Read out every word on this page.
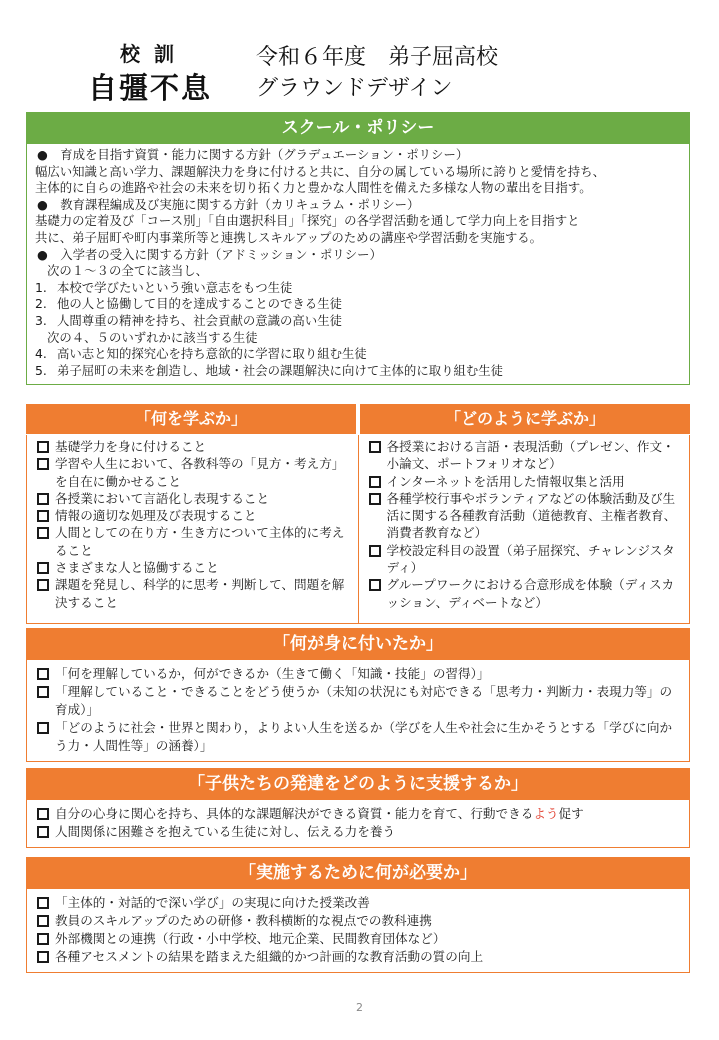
校訓
自彊不息
令和６年度　弟子屈高校
グラウンドデザイン
スクール・ポリシー
●　育成を目指す資質・能力に関する方針（グラデュエーション・ポリシー）
幅広い知識と高い学力、課題解決力を身に付けると共に、自分の属している場所に誇りと愛情を持ち、
主体的に自らの進路や社会の未来を切り拓く力と豊かな人間性を備えた多様な人物の輩出を目指す。
●　教育課程編成及び実施に関する方針（カリキュラム・ポリシー）
基礎力の定着及び「コース別」「自由選択科目」「探究」の各学習活動を通して学力向上を目指すと
共に、弟子屈町や町内事業所等と連携しスキルアップのための講座や学習活動を実施する。
●　入学者の受入に関する方針（アドミッション・ポリシー）
次の１～３の全てに該当し、
1. 本校で学びたいという強い意志をもつ生徒
2. 他の人と協働して目的を達成することのできる生徒
3. 人間尊重の精神を持ち、社会貢献の意識の高い生徒
次の４、５のいずれかに該当する生徒
4. 高い志と知的探究心を持ち意欲的に学習に取り組む生徒
5. 弟子屈町の未来を創造し、地域・社会の課題解決に向けて主体的に取り組む生徒
「何を学ぶか」	「どのように学ぶか」
基礎学力を身に付けること
学習や人生において、各教科等の「見方・考え方」を自在に働かせること
各授業において言語化し表現すること
情報の適切な処理及び表現すること
人間としての在り方・生き方について主体的に考えること
さまざまな人と協働すること
課題を発見し、科学的に思考・判断して、問題を解決すること
各授業における言語・表現活動（プレゼン、作文・小論文、ポートフォリオなど）
インターネットを活用した情報収集と活用
各種学校行事やボランティアなどの体験活動及び生活に関する各種教育活動（道徳教育、主権者教育、消費者教育など）
学校設定科目の設置（弟子屈探究、チャレンジスタディ）
グループワークにおける合意形成を体験（ディスカッション、ディベートなど）
「何が身に付いたか」
「何を理解しているか，何ができるか（生きて働く「知識・技能」の習得）」
「理解していること・できることをどう使うか（未知の状況にも対応できる「思考力・判断力・表現力等」の育成）」
「どのように社会・世界と関わり，よりよい人生を送るか（学びを人生や社会に生かそうとする「学びに向かう力・人間性等」の涵養）」
「子供たちの発達をどのように支援するか」
自分の心身に関心を持ち、具体的な課題解決ができる資質・能力を育て、行動できるよう促す
人間関係に困難さを抱えている生徒に対し、伝える力を養う
「実施するために何が必要か」
「主体的・対話的で深い学び」の実現に向けた授業改善
教員のスキルアップのための研修・教科横断的な視点での教科連携
外部機関との連携（行政・小中学校、地元企業、民間教育団体など）
各種アセスメントの結果を踏まえた組織的かつ計画的な教育活動の質の向上
2
